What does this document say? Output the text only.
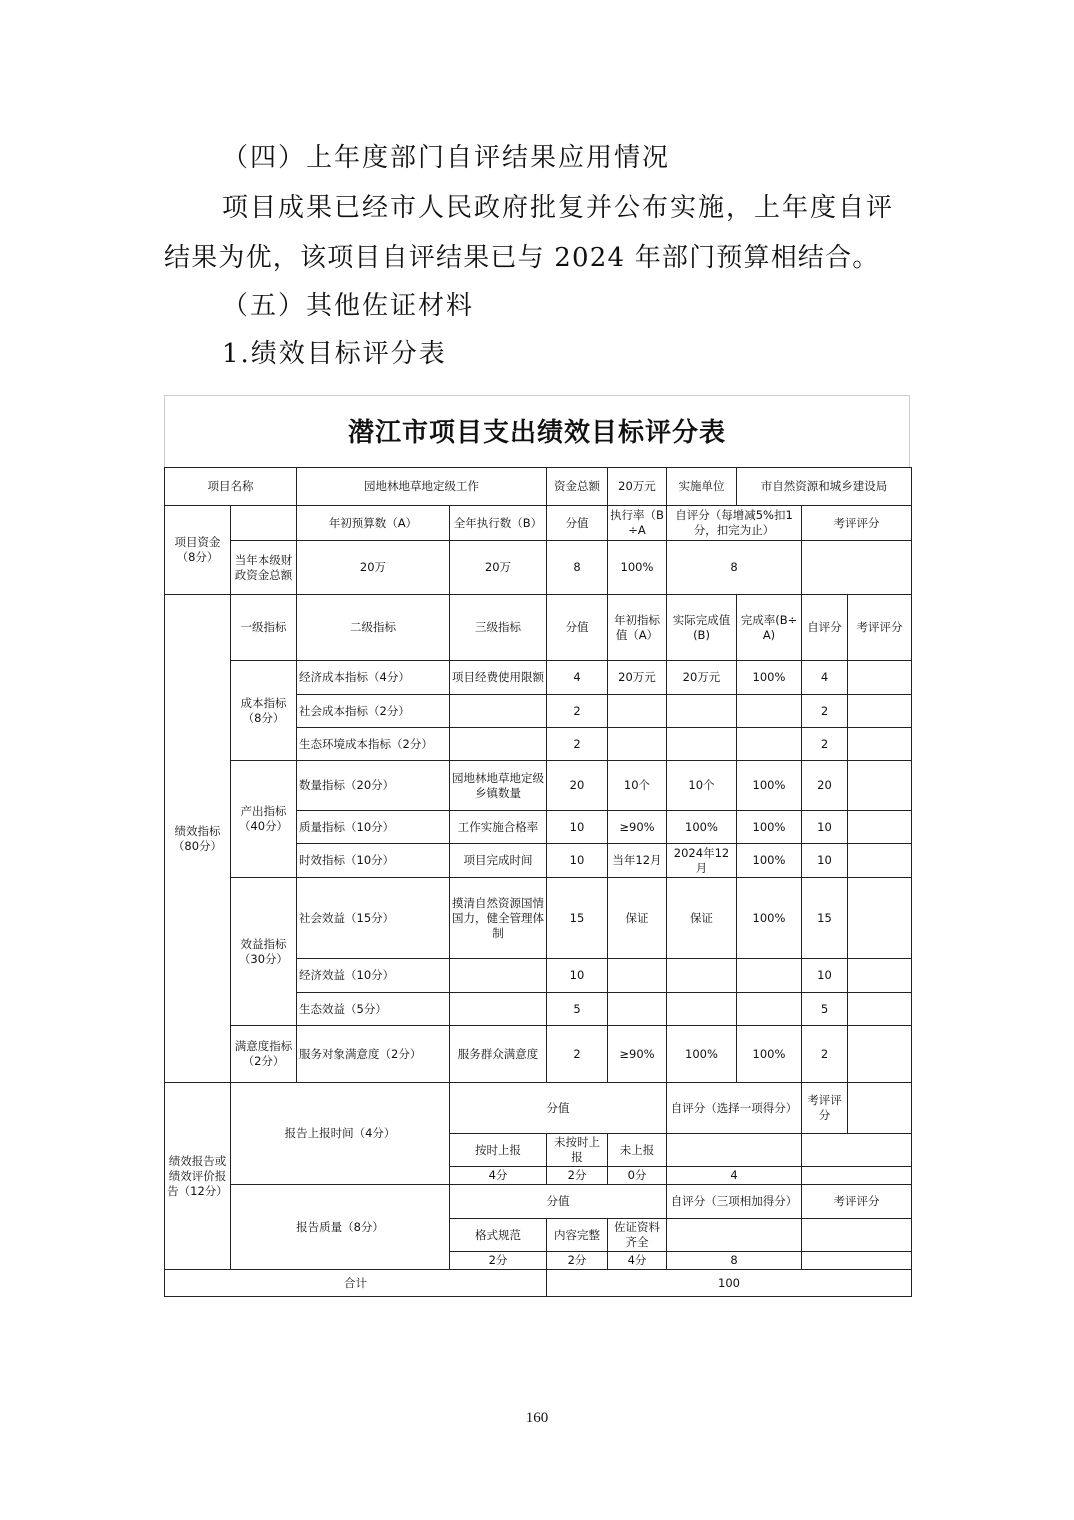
（四）上年度部门自评结果应用情况
项目成果已经市人民政府批复并公布实施，上年度自评
结果为优，该项目自评结果已与 2024 年部门预算相结合。
（五）其他佐证材料
1.绩效目标评分表
潜江市项目支出绩效目标评分表
项目名称		园地林地草地定级工作		资金总额	20万元	实施单位	市自然资源和城乡建设局		
项目资金（8分）		年初预算数（A）	全年执行数（B）	分值	执行率（B÷A	自评分（每增减5%扣1分，扣完为止）		考评评分	
	当年本级财政资金总额	20万	20万	8	100%	8			
绩效指标（80分）	一级指标	二级指标	三级指标	分值	年初指标值（A）	实际完成值(B)	完成率(B÷A)	自评分	考评评分
	成本指标（8分）	经济成本指标（4分）	项目经费使用限额	4	20万元	20万元	100%	4	
		社会成本指标（2分）		2				2	
		生态环境成本指标（2分）		2				2	
	产出指标（40分）	数量指标（20分）	园地林地草地定级乡镇数量	20	10个	10个	100%	20	
		质量指标（10分）	工作实施合格率	10	≥90%	100%	100%	10	
		时效指标（10分）	项目完成时间	10	当年12月	2024年12月	100%	10	
	效益指标（30分）	社会效益（15分）	摸清自然资源国情国力，健全管理体制	15	保证	保证	100%	15	
		经济效益（10分）		10				10	
		生态效益（5分）		5				5	
	满意度指标（2分）	服务对象满意度（2分）	服务群众满意度	2	≥90%	100%	100%	2	
绩效报告或绩效评价报告（12分）	报告上报时间（4分）		分值			自评分（选择一项得分）		考评评分	
			按时上报	未按时上报	未上报				
			4分	2分	0分	4			
	报告质量（8分）		分值			自评分（三项相加得分）		考评评分	
			格式规范	内容完整	佐证资料齐全				
			2分	2分	4分	8			
合计				100					
160
